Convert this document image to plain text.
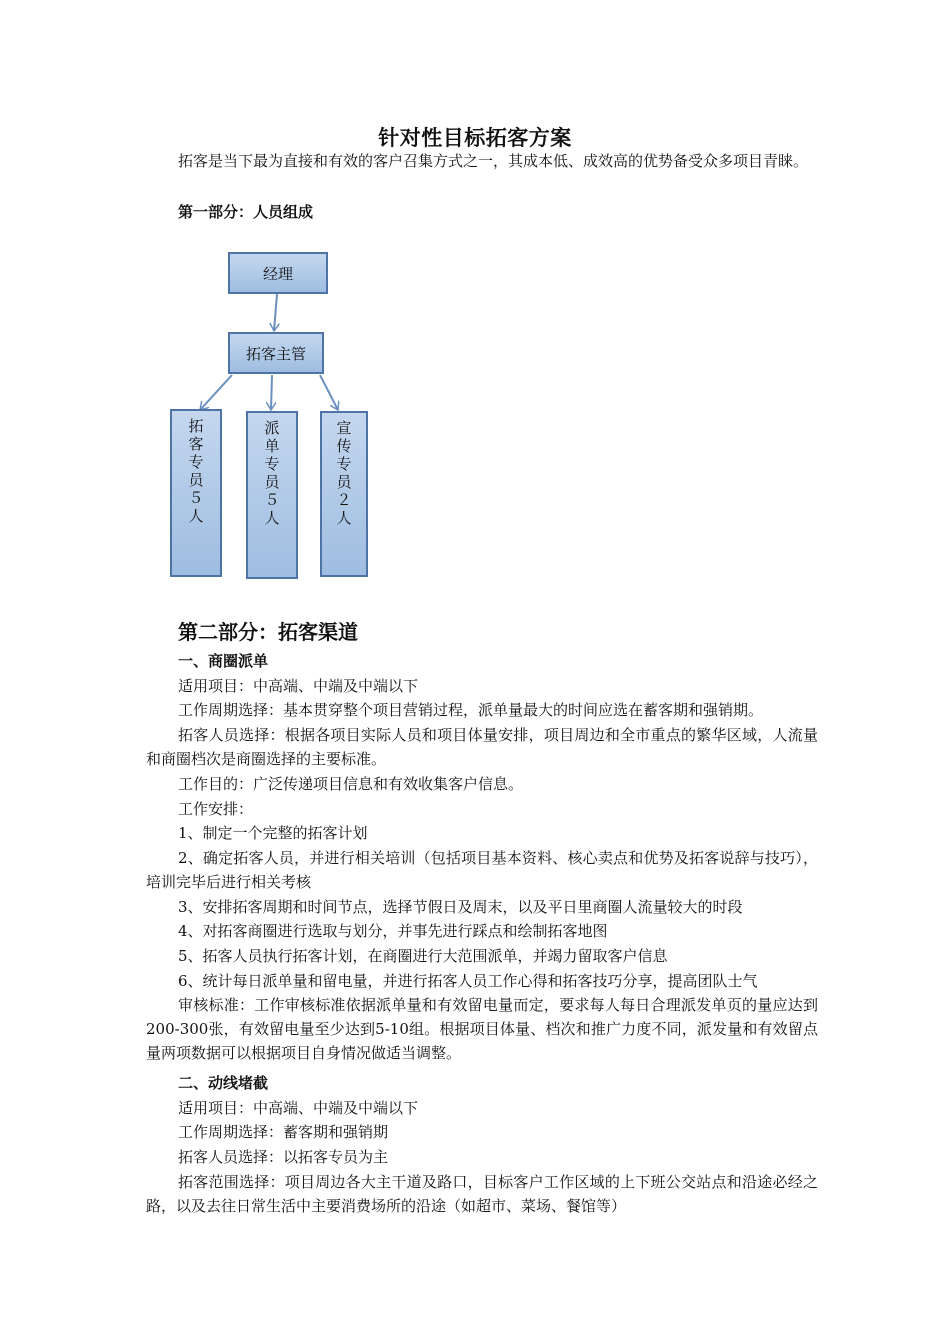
针对性目标拓客方案

拓客是当下最为直接和有效的客户召集方式之一，其成本低、成效高的优势备受众多项目青睐。

第一部分：人员组成

经理
拓客主管
拓
客
专
员
５
人
派
单
专
员
５
人
宣
传
专
员
２
人

第二部分：拓客渠道

一、商圈派单

适用项目：中高端、中端及中端以下

工作周期选择：基本贯穿整个项目营销过程，派单量最大的时间应选在蓄客期和强销期。

拓客人员选择：根据各项目实际人员和项目体量安排，项目周边和全市重点的繁华区域，人流量和商圈档次是商圈选择的主要标准。

工作目的：广泛传递项目信息和有效收集客户信息。

工作安排：

1、制定一个完整的拓客计划

2、确定拓客人员，并进行相关培训（包括项目基本资料、核心卖点和优势及拓客说辞与技巧），培训完毕后进行相关考核

3、安排拓客周期和时间节点，选择节假日及周末，以及平日里商圈人流量较大的时段

4、对拓客商圈进行选取与划分，并事先进行踩点和绘制拓客地图

5、拓客人员执行拓客计划，在商圈进行大范围派单，并竭力留取客户信息

6、统计每日派单量和留电量，并进行拓客人员工作心得和拓客技巧分享，提高团队士气

审核标准：工作审核标准依据派单量和有效留电量而定，要求每人每日合理派发单页的量应达到200-300张，有效留电量至少达到5-10组。根据项目体量、档次和推广力度不同，派发量和有效留点量两项数据可以根据项目自身情况做适当调整。

二、动线堵截

适用项目：中高端、中端及中端以下

工作周期选择：蓄客期和强销期

拓客人员选择：以拓客专员为主

拓客范围选择：项目周边各大主干道及路口，目标客户工作区域的上下班公交站点和沿途必经之路，以及去往日常生活中主要消费场所的沿途（如超市、菜场、餐馆等）
